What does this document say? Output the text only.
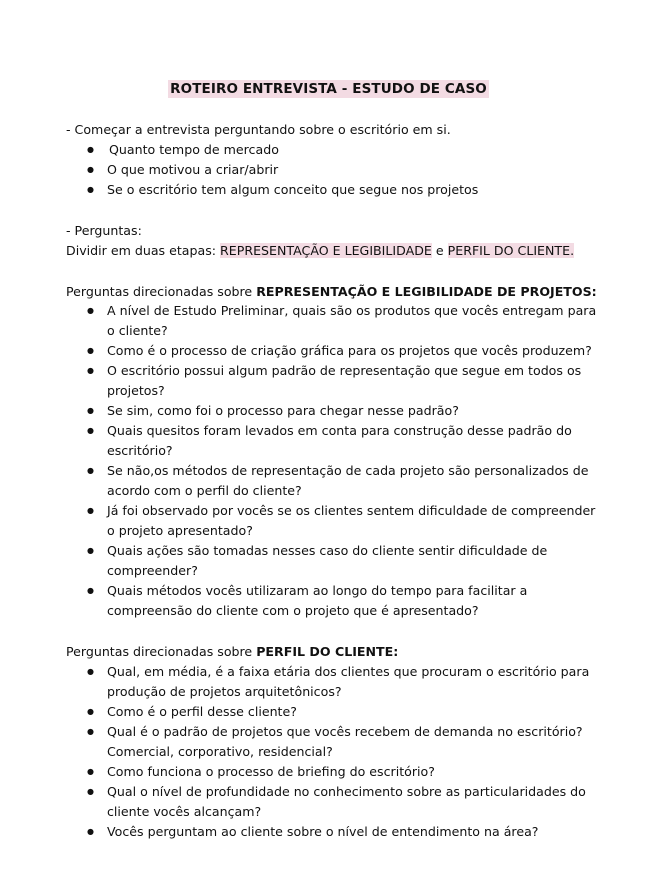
ROTEIRO ENTREVISTA - ESTUDO DE CASO
- Começar a entrevista perguntando sobre o escritório em si.
● Quanto tempo de mercado
● O que motivou a criar/abrir
● Se o escritório tem algum conceito que segue nos projetos
- Perguntas:
Dividir em duas etapas: REPRESENTAÇÃO E LEGIBILIDADE e PERFIL DO CLIENTE.
Perguntas direcionadas sobre REPRESENTAÇÃO E LEGIBILIDADE DE PROJETOS:
● A nível de Estudo Preliminar, quais são os produtos que vocês entregam para o cliente?
● Como é o processo de criação gráfica para os projetos que vocês produzem?
● O escritório possui algum padrão de representação que segue em todos os projetos?
● Se sim, como foi o processo para chegar nesse padrão?
● Quais quesitos foram levados em conta para construção desse padrão do escritório?
● Se não,os métodos de representação de cada projeto são personalizados de acordo com o perfil do cliente?
● Já foi observado por vocês se os clientes sentem dificuldade de compreender o projeto apresentado?
● Quais ações são tomadas nesses caso do cliente sentir dificuldade de compreender?
● Quais métodos vocês utilizaram ao longo do tempo para facilitar a compreensão do cliente com o projeto que é apresentado?
Perguntas direcionadas sobre PERFIL DO CLIENTE:
● Qual, em média, é a faixa etária dos clientes que procuram o escritório para produção de projetos arquitetônicos?
● Como é o perfil desse cliente?
● Qual é o padrão de projetos que vocês recebem de demanda no escritório? Comercial, corporativo, residencial?
● Como funciona o processo de briefing do escritório?
● Qual o nível de profundidade no conhecimento sobre as particularidades do cliente vocês alcançam?
● Vocês perguntam ao cliente sobre o nível de entendimento na área?
